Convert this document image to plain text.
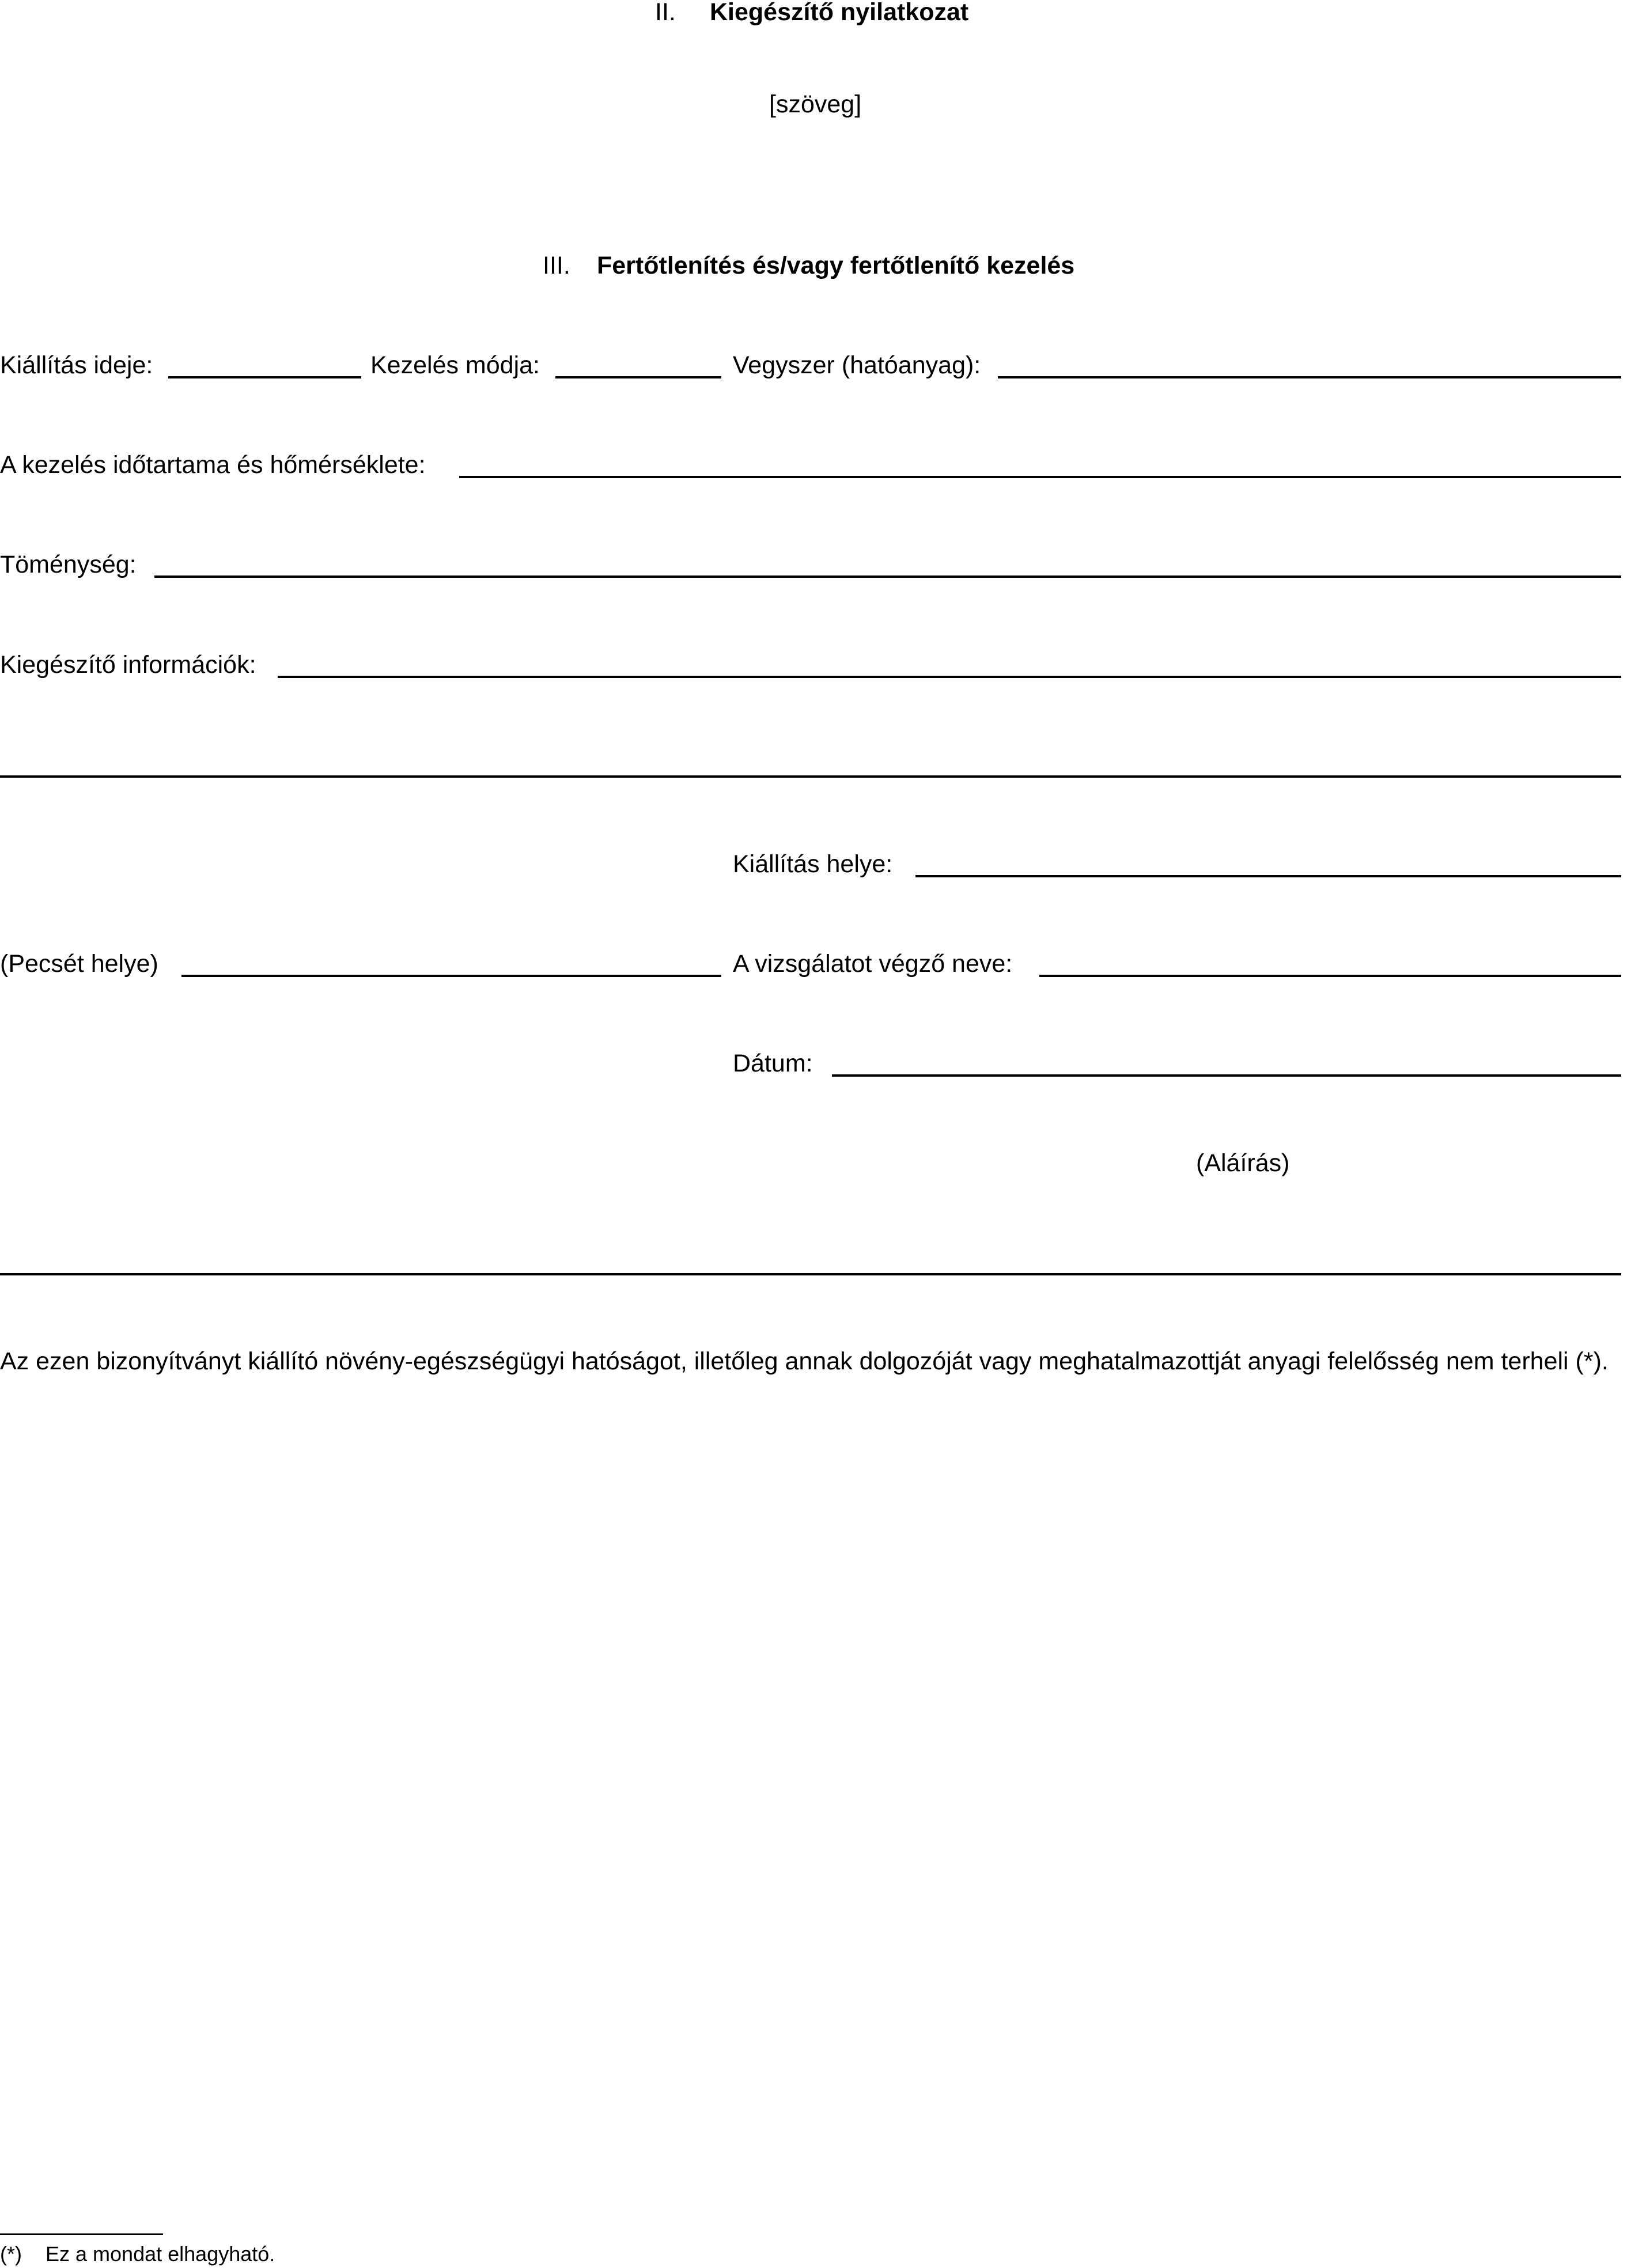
II. Kiegészítő nyilatkozat
[szöveg]
III. Fertőtlenítés és/vagy fertőtlenítő kezelés
Kiállítás ideje:	Kezelés módja:	Vegyszer (hatóanyag):
A kezelés időtartama és hőmérséklete:
Töménység:
Kiegészítő információk:
Kiállítás helye:
(Pecsét helye)	A vizsgálatot végző neve:
Dátum:
(Aláírás)
Az ezen bizonyítványt kiállító növény-egészségügyi hatóságot, illetőleg annak dolgozóját vagy meghatalmazottját anyagi felelősség nem terheli (*).
(*) Ez a mondat elhagyható.
